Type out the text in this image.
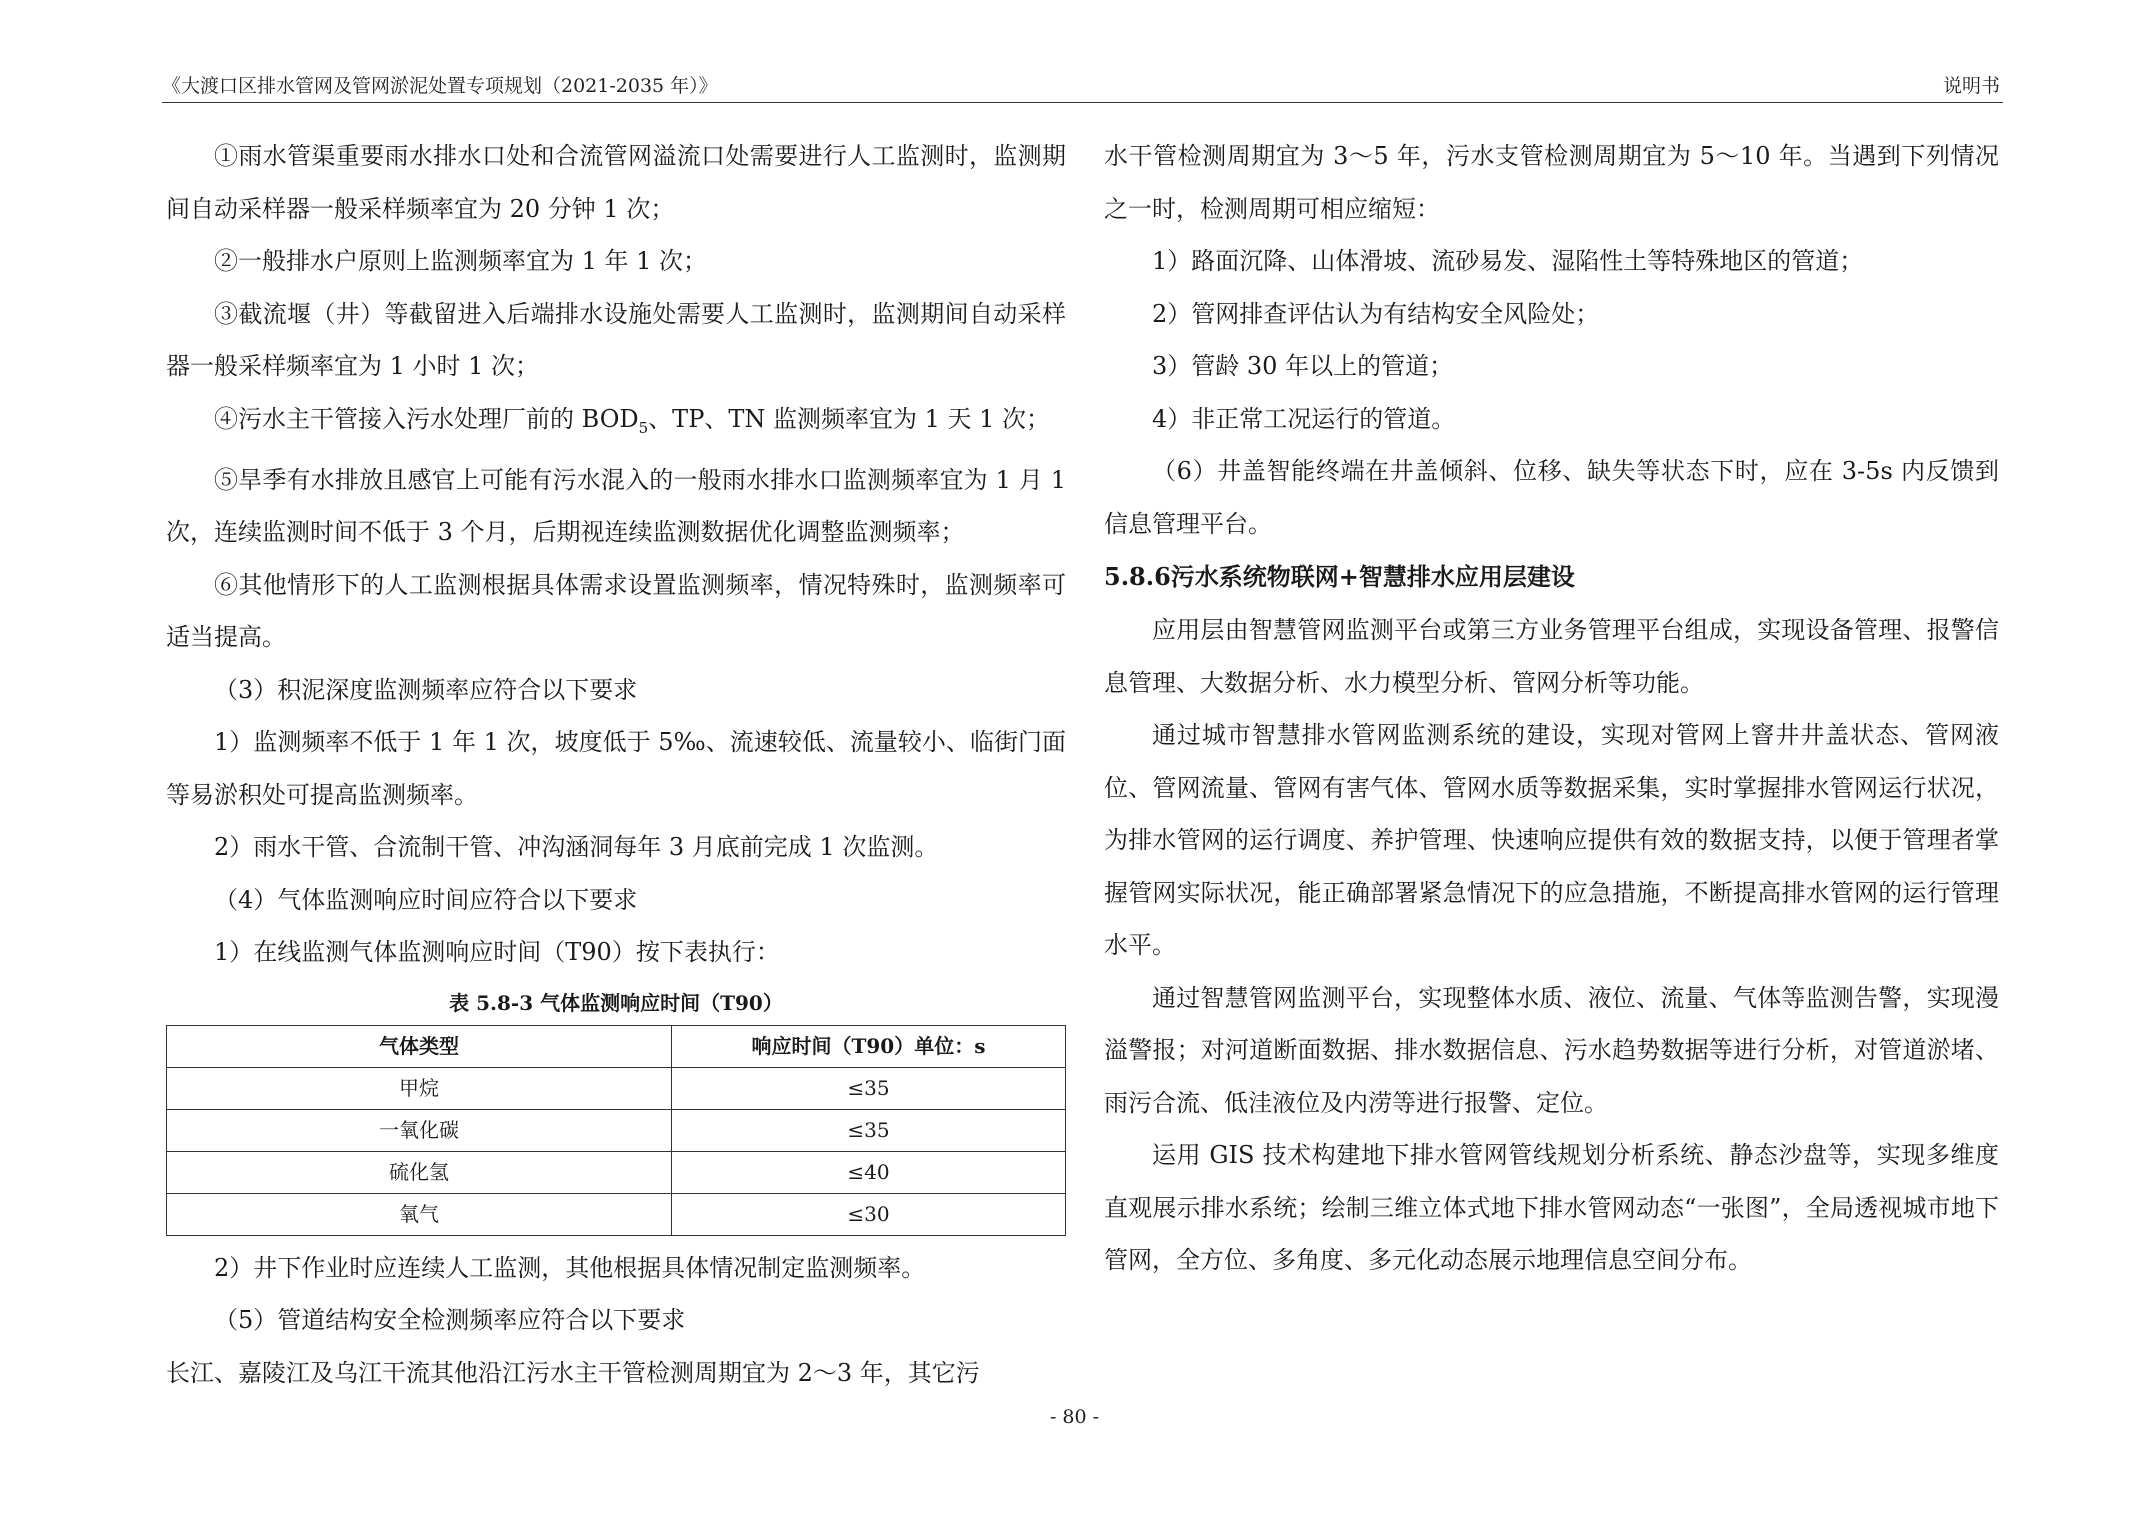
《大渡口区排水管网及管网淤泥处置专项规划（2021-2035 年）》	说明书

①雨水管渠重要雨水排水口处和合流管网溢流口处需要进行人工监测时，监测期间自动采样器一般采样频率宜为 20 分钟 1 次；

②一般排水户原则上监测频率宜为 1 年 1 次；

③截流堰（井）等截留进入后端排水设施处需要人工监测时，监测期间自动采样器一般采样频率宜为 1 小时 1 次；

④污水主干管接入污水处理厂前的 $BOD_5$、TP、TN 监测频率宜为 1 天 1 次；

⑤旱季有水排放且感官上可能有污水混入的一般雨水排水口监测频率宜为 1 月 1 次，连续监测时间不低于 3 个月，后期视连续监测数据优化调整监测频率；

⑥其他情形下的人工监测根据具体需求设置监测频率，情况特殊时，监测频率可适当提高。

（3）积泥深度监测频率应符合以下要求

1）监测频率不低于 1 年 1 次，坡度低于 5‰、流速较低、流量较小、临街门面等易淤积处可提高监测频率。

2）雨水干管、合流制干管、冲沟涵洞每年 3 月底前完成 1 次监测。

（4）气体监测响应时间应符合以下要求

1）在线监测气体监测响应时间（T90）按下表执行：

表 5.8-3 气体监测响应时间（T90）
气体类型	响应时间（T90）单位：s
甲烷	≤35
一氧化碳	≤35
硫化氢	≤40
氧气	≤30

2）井下作业时应连续人工监测，其他根据具体情况制定监测频率。

（5）管道结构安全检测频率应符合以下要求

长江、嘉陵江及乌江干流其他沿江污水主干管检测周期宜为 2～3 年，其它污

水干管检测周期宜为 3～5 年，污水支管检测周期宜为 5～10 年。当遇到下列情况之一时，检测周期可相应缩短：

1）路面沉降、山体滑坡、流砂易发、湿陷性土等特殊地区的管道；

2）管网排查评估认为有结构安全风险处；

3）管龄 30 年以上的管道；

4）非正常工况运行的管道。

（6）井盖智能终端在井盖倾斜、位移、缺失等状态下时，应在 3-5s 内反馈到信息管理平台。

5.8.6污水系统物联网+智慧排水应用层建设

应用层由智慧管网监测平台或第三方业务管理平台组成，实现设备管理、报警信息管理、大数据分析、水力模型分析、管网分析等功能。

通过城市智慧排水管网监测系统的建设，实现对管网上窨井井盖状态、管网液位、管网流量、管网有害气体、管网水质等数据采集，实时掌握排水管网运行状况，为排水管网的运行调度、养护管理、快速响应提供有效的数据支持，以便于管理者掌握管网实际状况，能正确部署紧急情况下的应急措施，不断提高排水管网的运行管理水平。

通过智慧管网监测平台，实现整体水质、液位、流量、气体等监测告警，实现漫溢警报；对河道断面数据、排水数据信息、污水趋势数据等进行分析，对管道淤堵、雨污合流、低洼液位及内涝等进行报警、定位。

运用 GIS 技术构建地下排水管网管线规划分析系统、静态沙盘等，实现多维度直观展示排水系统；绘制三维立体式地下排水管网动态“一张图”，全局透视城市地下管网，全方位、多角度、多元化动态展示地理信息空间分布。

- 80 -
